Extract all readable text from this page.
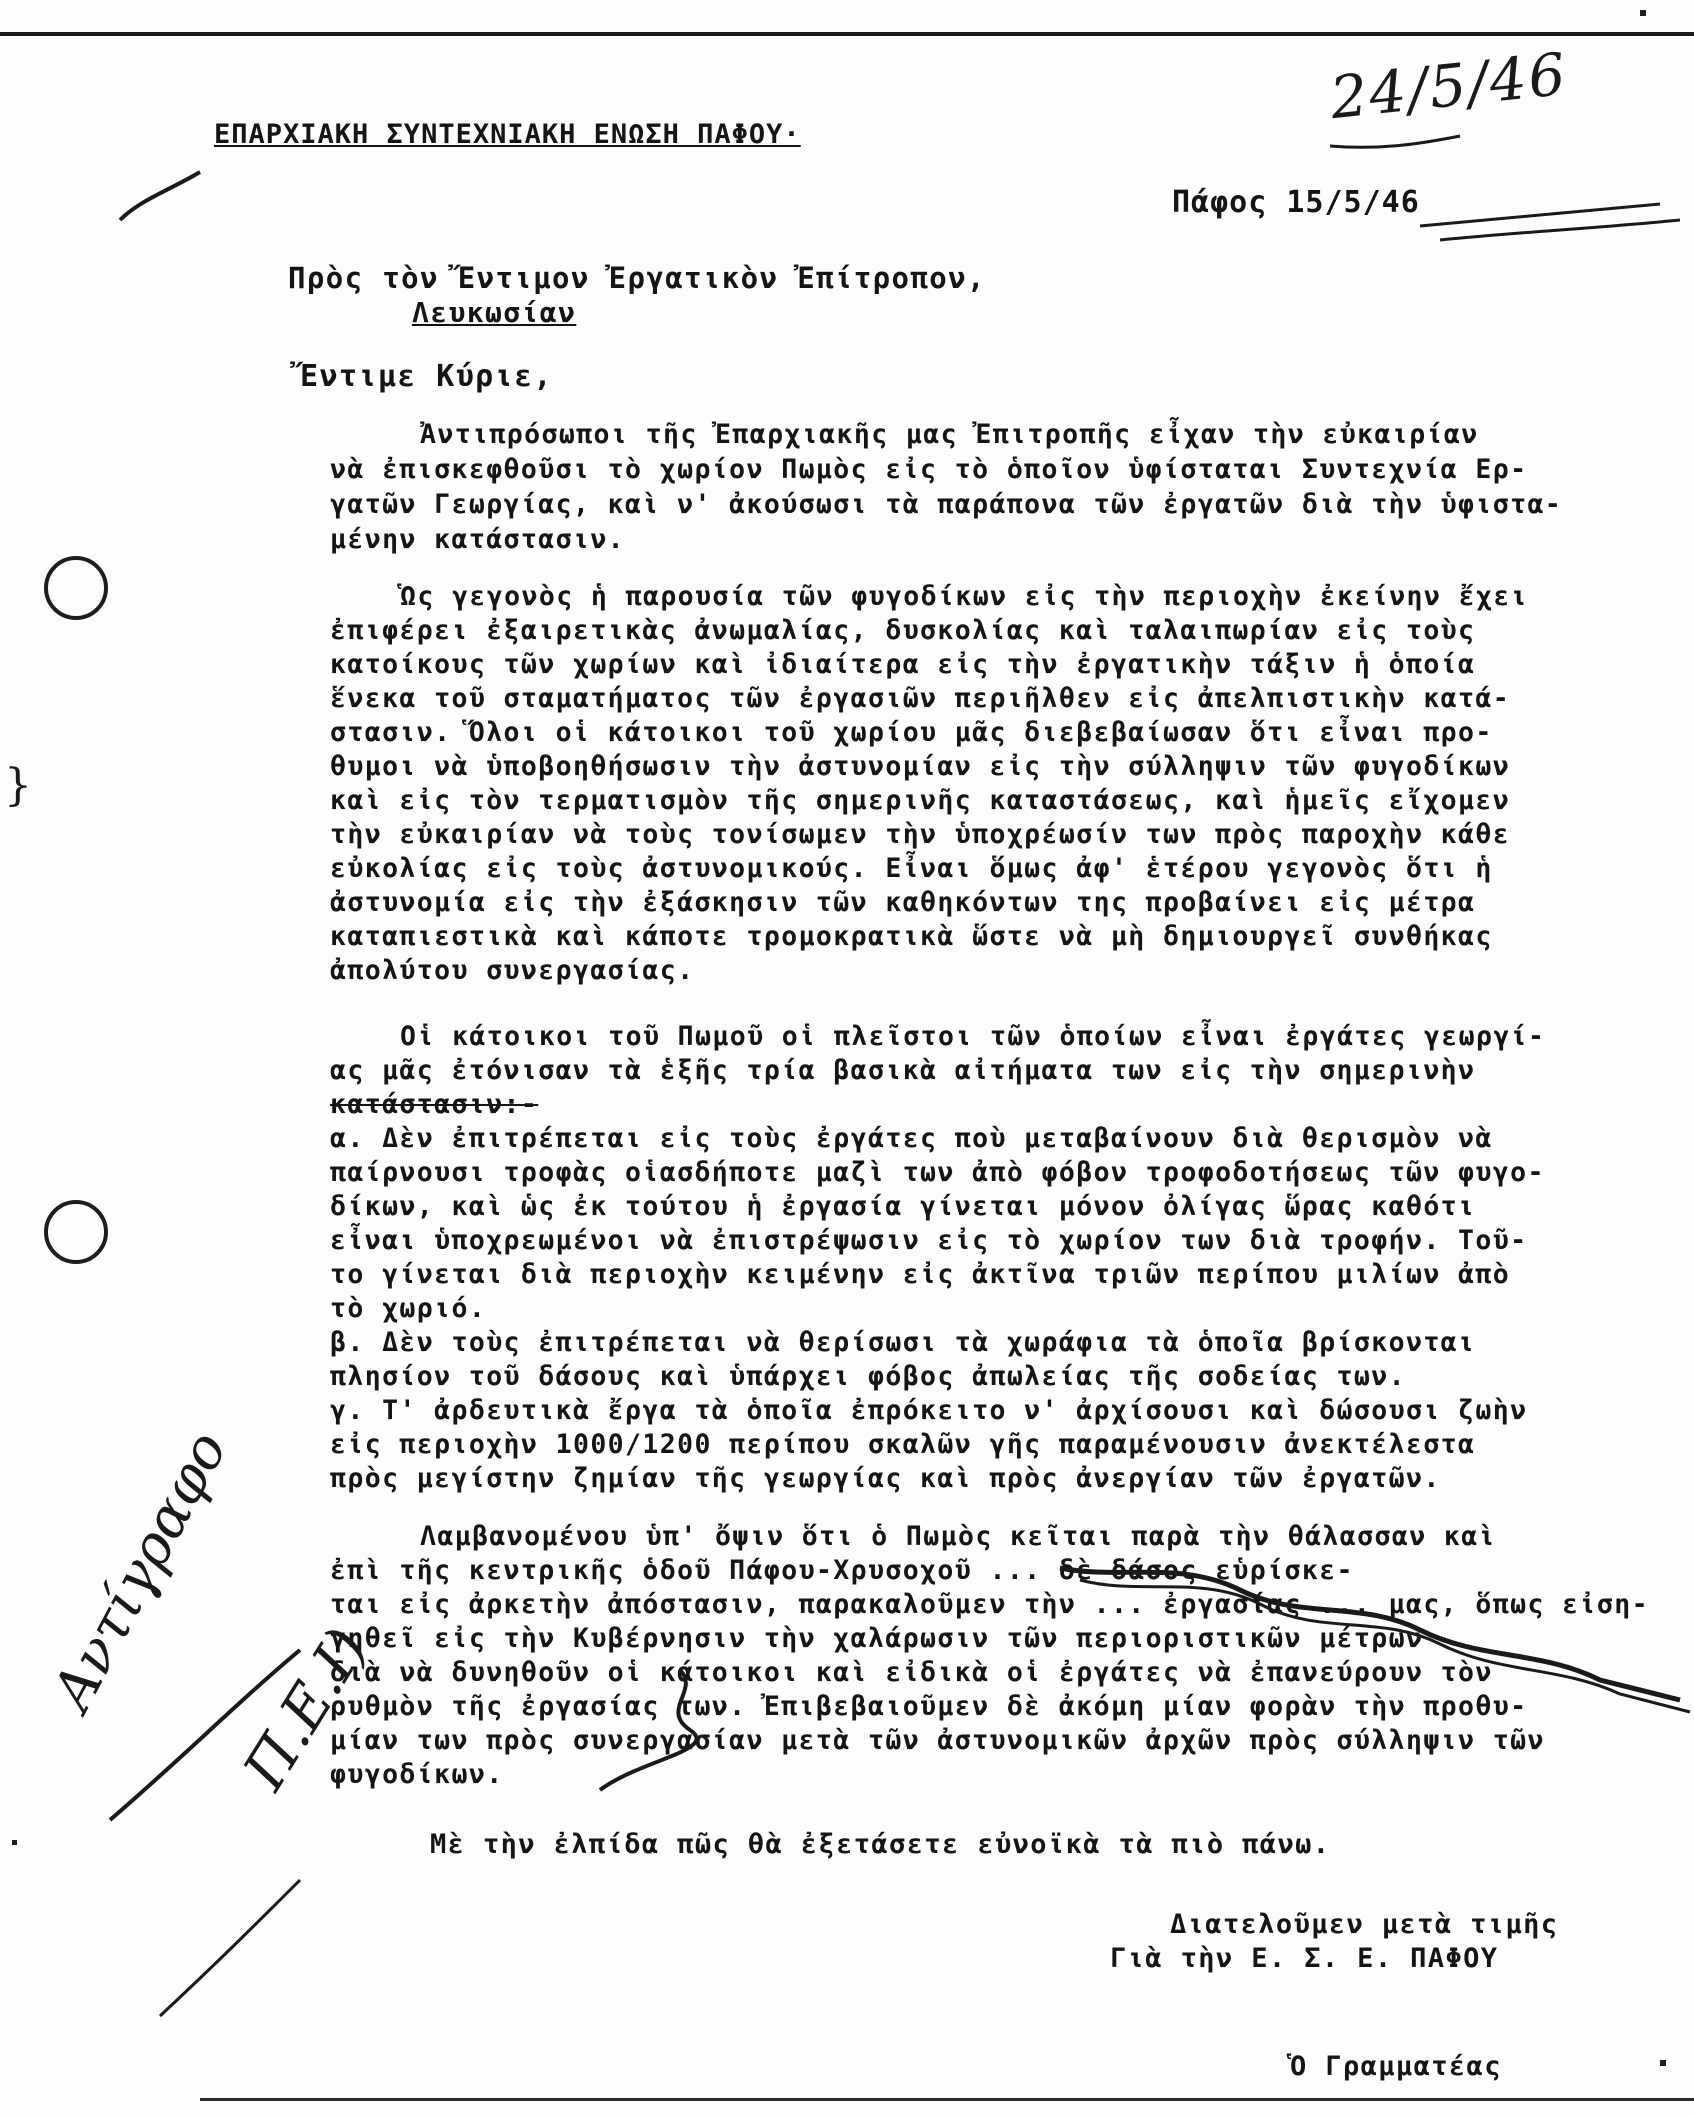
}
ΕΠΑΡΧΙΑΚΗ ΣΥΝΤΕΧΝΙΑΚΗ ΕΝΩΣΗ ΠΑΦΟΥ·
24/5/46
Πάφος 15/5/46
Πρὸς τὸν Ἔντιμον Ἐργατικὸν Ἐπίτροπον,
Λευκωσίαν
Ἔντιμε Κύριε,
Ἀντιπρόσωποι τῆς Ἐπαρχιακῆς μας Ἐπιτροπῆς εἶχαν τὴν εὐκαιρίαν
νὰ ἐπισκεφθοῦσι τὸ χωρίον Πωμὸς εἰς τὸ ὁποῖον ὑφίσταται Συντεχνία Ερ-
γατῶν Γεωργίας, καὶ ν' ἀκούσωσι τὰ παράπονα τῶν ἐργατῶν διὰ τὴν ὑφιστα-
μένην κατάστασιν.
Ὡς γεγονὸς ἡ παρουσία τῶν φυγοδίκων εἰς τὴν περιοχὴν ἐκείνην ἔχει
ἐπιφέρει ἐξαιρετικὰς ἀνωμαλίας, δυσκολίας καὶ ταλαιπωρίαν εἰς τοὺς
κατοίκους τῶν χωρίων καὶ ἰδιαίτερα εἰς τὴν ἐργατικὴν τάξιν ἡ ὁποία
ἕνεκα τοῦ σταματήματος τῶν ἐργασιῶν περιῆλθεν εἰς ἀπελπιστικὴν κατά-
στασιν. Ὅλοι οἱ κάτοικοι τοῦ χωρίου μᾶς διεβεβαίωσαν ὅτι εἶναι προ-
θυμοι νὰ ὑποβοηθήσωσιν τὴν ἀστυνομίαν εἰς τὴν σύλληψιν τῶν φυγοδίκων
καὶ εἰς τὸν τερματισμὸν τῆς σημερινῆς καταστάσεως, καὶ ἡμεῖς εἴχομεν
τὴν εὐκαιρίαν νὰ τοὺς τονίσωμεν τὴν ὑποχρέωσίν των πρὸς παροχὴν κάθε
εὐκολίας εἰς τοὺς ἀστυνομικούς. Εἶναι ὅμως ἀφ' ἑτέρου γεγονὸς ὅτι ἡ
ἀστυνομία εἰς τὴν ἐξάσκησιν τῶν καθηκόντων της προβαίνει εἰς μέτρα
καταπιεστικὰ καὶ κάποτε τρομοκρατικὰ ὥστε νὰ μὴ δημιουργεῖ συνθήκας
ἀπολύτου συνεργασίας.
Οἱ κάτοικοι τοῦ Πωμοῦ οἱ πλεῖστοι τῶν ὁποίων εἶναι ἐργάτες γεωργί-
ας μᾶς ἐτόνισαν τὰ ἑξῆς τρία βασικὰ αἰτήματα των εἰς τὴν σημερινὴν
κατάστασιν:-
α. Δὲν ἐπιτρέπεται εἰς τοὺς ἐργάτες ποὺ μεταβαίνουν διὰ θερισμὸν νὰ
παίρνουσι τροφὰς οἱασδήποτε μαζὶ των ἀπὸ φόβον τροφοδοτήσεως τῶν φυγο-
δίκων, καὶ ὡς ἐκ τούτου ἡ ἐργασία γίνεται μόνον ὀλίγας ὥρας καθότι
εἶναι ὑποχρεωμένοι νὰ ἐπιστρέψωσιν εἰς τὸ χωρίον των διὰ τροφήν. Τοῦ-
το γίνεται διὰ περιοχὴν κειμένην εἰς ἀκτῖνα τριῶν περίπου μιλίων ἀπὸ
τὸ χωριό.
β. Δὲν τοὺς ἐπιτρέπεται νὰ θερίσωσι τὰ χωράφια τὰ ὁποῖα βρίσκονται
πλησίον τοῦ δάσους καὶ ὑπάρχει φόβος ἀπωλείας τῆς σοδείας των.
γ. Τ' ἀρδευτικὰ ἔργα τὰ ὁποῖα ἐπρόκειτο ν' ἀρχίσουσι καὶ δώσουσι ζωὴν
εἰς περιοχὴν 1000/1200 περίπου σκαλῶν γῆς παραμένουσιν ἀνεκτέλεστα
πρὸς μεγίστην ζημίαν τῆς γεωργίας καὶ πρὸς ἀνεργίαν τῶν ἐργατῶν.
Λαμβανομένου ὑπ' ὄψιν ὅτι ὁ Πωμὸς κεῖται παρὰ τὴν θάλασσαν καὶ
ἐπὶ τῆς κεντρικῆς ὁδοῦ Πάφου-Χρυσοχοῦ ... δὲ δάσος εὑρίσκε-
ται εἰς ἀρκετὴν ἀπόστασιν, παρακαλοῦμεν τὴν ... ἐργασίας ... μας, ὅπως εἰση-
γηθεῖ εἰς τὴν Κυβέρνησιν τὴν χαλάρωσιν τῶν περιοριστικῶν μέτρων
διὰ νὰ δυνηθοῦν οἱ κάτοικοι καὶ εἰδικὰ οἱ ἐργάτες νὰ ἐπανεύρουν τὸν
ρυθμὸν τῆς ἐργασίας των. Ἐπιβεβαιοῦμεν δὲ ἀκόμη μίαν φορὰν τὴν προθυ-
μίαν των πρὸς συνεργασίαν μετὰ τῶν ἀστυνομικῶν ἀρχῶν πρὸς σύλληψιν τῶν
φυγοδίκων.
Μὲ τὴν ἐλπίδα πῶς θὰ ἐξετάσετε εὐνοϊκὰ τὰ πιὸ πάνω.
Διατελοῦμεν μετὰ τιμῆς
Γιὰ τὴν Ε. Σ. Ε. ΠΑΦΟΥ
Ὁ Γραμματέας
Αντίγραφο
Π.Ε.Ι)
